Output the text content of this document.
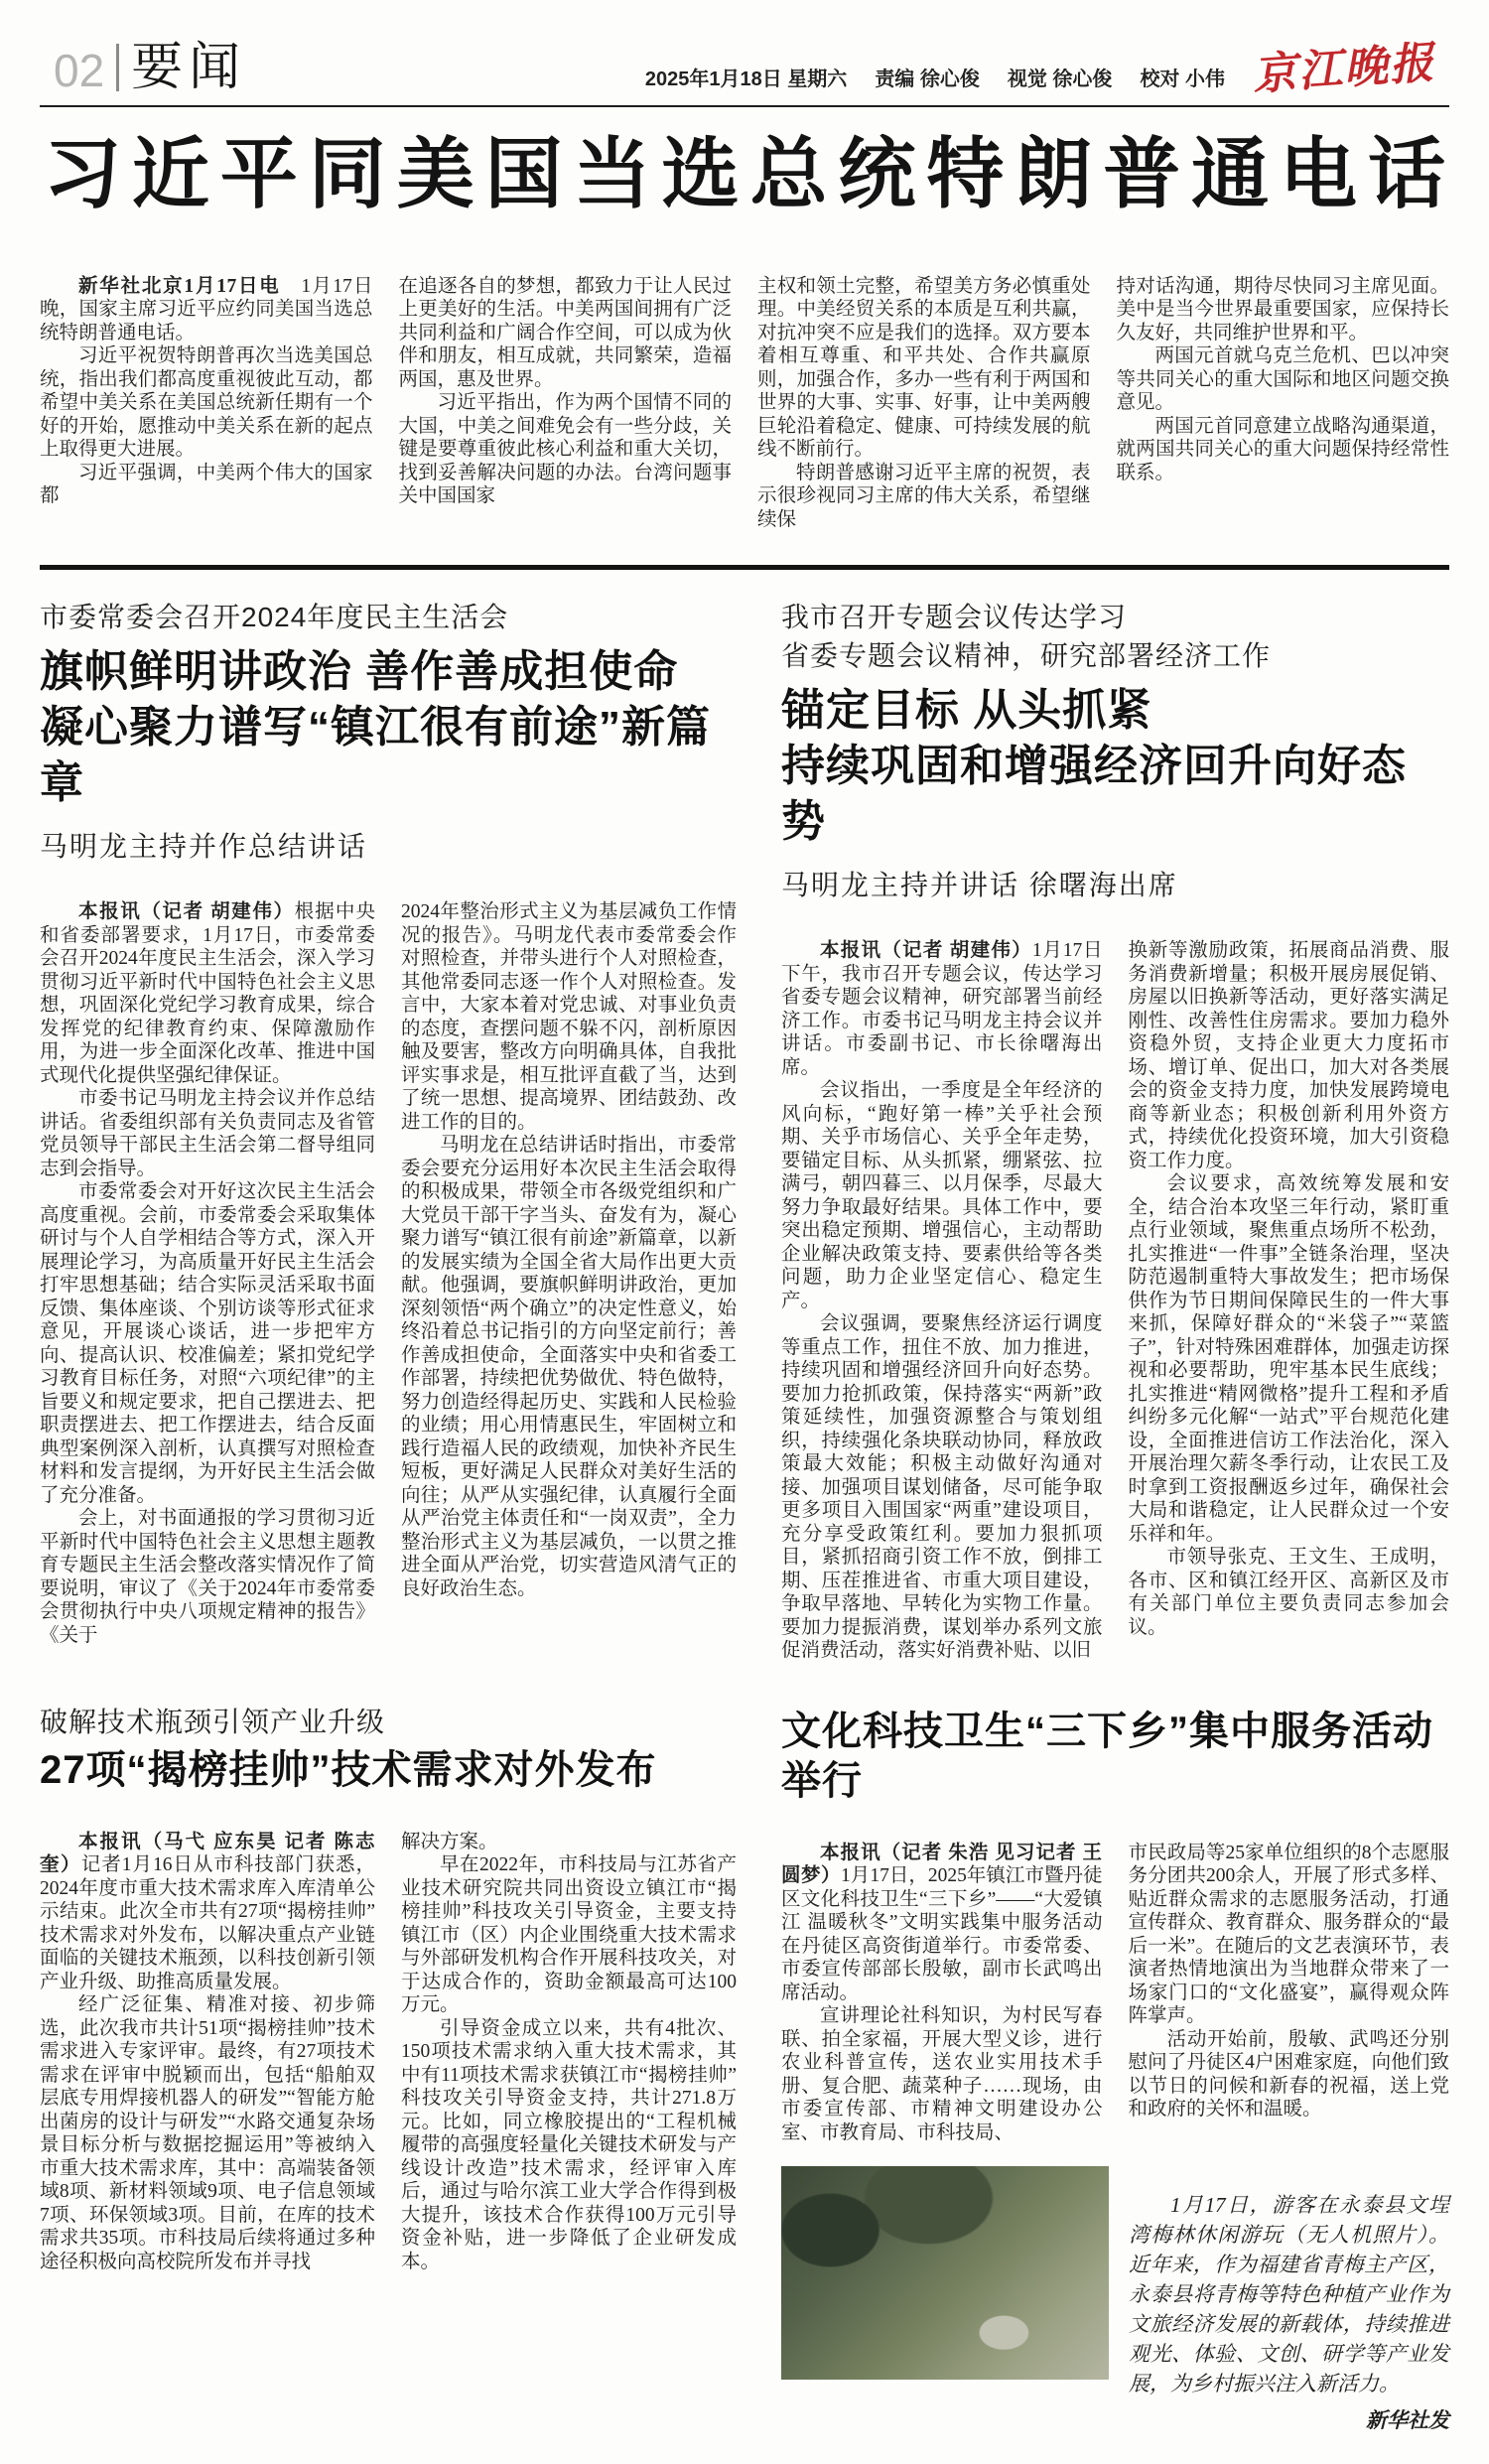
02 要闻	2025年1月18日 星期六 责编 徐心俊 视觉 徐心俊 校对 小伟 京江晚报
习近平同美国当选总统特朗普通电话

新华社北京1月17日电　1月17日晚，国家主席习近平应约同美国当选总统特朗普通电话。

习近平祝贺特朗普再次当选美国总统，指出我们都高度重视彼此互动，都希望中美关系在美国总统新任期有一个好的开始，愿推动中美关系在新的起点上取得更大进展。

习近平强调，中美两个伟大的国家都

在追逐各自的梦想，都致力于让人民过上更美好的生活。中美两国间拥有广泛共同利益和广阔合作空间，可以成为伙伴和朋友，相互成就，共同繁荣，造福两国，惠及世界。

习近平指出，作为两个国情不同的大国，中美之间难免会有一些分歧，关键是要尊重彼此核心利益和重大关切，找到妥善解决问题的办法。台湾问题事关中国国家

主权和领土完整，希望美方务必慎重处理。中美经贸关系的本质是互利共赢，对抗冲突不应是我们的选择。双方要本着相互尊重、和平共处、合作共赢原则，加强合作，多办一些有利于两国和世界的大事、实事、好事，让中美两艘巨轮沿着稳定、健康、可持续发展的航线不断前行。

特朗普感谢习近平主席的祝贺，表示很珍视同习主席的伟大关系，希望继续保

持对话沟通，期待尽快同习主席见面。美中是当今世界最重要国家，应保持长久友好，共同维护世界和平。

两国元首就乌克兰危机、巴以冲突等共同关心的重大国际和地区问题交换意见。

两国元首同意建立战略沟通渠道，就两国共同关心的重大问题保持经常性联系。

市委常委会召开2024年度民主生活会
旗帜鲜明讲政治 善作善成担使命
凝心聚力谱写“镇江很有前途”新篇章
马明龙主持并作总结讲话

本报讯（记者 胡建伟）根据中央和省委部署要求，1月17日，市委常委会召开2024年度民主生活会，深入学习贯彻习近平新时代中国特色社会主义思想，巩固深化党纪学习教育成果，综合发挥党的纪律教育约束、保障激励作用，为进一步全面深化改革、推进中国式现代化提供坚强纪律保证。

市委书记马明龙主持会议并作总结讲话。省委组织部有关负责同志及省管党员领导干部民主生活会第二督导组同志到会指导。

市委常委会对开好这次民主生活会高度重视。会前，市委常委会采取集体研讨与个人自学相结合等方式，深入开展理论学习，为高质量开好民主生活会打牢思想基础；结合实际灵活采取书面反馈、集体座谈、个别访谈等形式征求意见，开展谈心谈话，进一步把牢方向、提高认识、校准偏差；紧扣党纪学习教育目标任务，对照“六项纪律”的主旨要义和规定要求，把自己摆进去、把职责摆进去、把工作摆进去，结合反面典型案例深入剖析，认真撰写对照检查材料和发言提纲，为开好民主生活会做了充分准备。

会上，对书面通报的学习贯彻习近平新时代中国特色社会主义思想主题教育专题民主生活会整改落实情况作了简要说明，审议了《关于2024年市委常委会贯彻执行中央八项规定精神的报告》《关于

2024年整治形式主义为基层减负工作情况的报告》。马明龙代表市委常委会作对照检查，并带头进行个人对照检查，其他常委同志逐一作个人对照检查。发言中，大家本着对党忠诚、对事业负责的态度，查摆问题不躲不闪，剖析原因触及要害，整改方向明确具体，自我批评实事求是，相互批评直截了当，达到了统一思想、提高境界、团结鼓劲、改进工作的目的。

马明龙在总结讲话时指出，市委常委会要充分运用好本次民主生活会取得的积极成果，带领全市各级党组织和广大党员干部干字当头、奋发有为，凝心聚力谱写“镇江很有前途”新篇章，以新的发展实绩为全国全省大局作出更大贡献。他强调，要旗帜鲜明讲政治，更加深刻领悟“两个确立”的决定性意义，始终沿着总书记指引的方向坚定前行；善作善成担使命，全面落实中央和省委工作部署，持续把优势做优、特色做特，努力创造经得起历史、实践和人民检验的业绩；用心用情惠民生，牢固树立和践行造福人民的政绩观，加快补齐民生短板，更好满足人民群众对美好生活的向往；从严从实强纪律，认真履行全面从严治党主体责任和“一岗双责”，全力整治形式主义为基层减负，一以贯之推进全面从严治党，切实营造风清气正的良好政治生态。

我市召开专题会议传达学习
省委专题会议精神，研究部署经济工作
锚定目标 从头抓紧
持续巩固和增强经济回升向好态势
马明龙主持并讲话 徐曙海出席

本报讯（记者 胡建伟）1月17日下午，我市召开专题会议，传达学习省委专题会议精神，研究部署当前经济工作。市委书记马明龙主持会议并讲话。市委副书记、市长徐曙海出席。

会议指出，一季度是全年经济的风向标，“跑好第一棒”关乎社会预期、关乎市场信心、关乎全年走势，要锚定目标、从头抓紧，绷紧弦、拉满弓，朝四暮三、以月保季，尽最大努力争取最好结果。具体工作中，要突出稳定预期、增强信心，主动帮助企业解决政策支持、要素供给等各类问题，助力企业坚定信心、稳定生产。

会议强调，要聚焦经济运行调度等重点工作，扭住不放、加力推进，持续巩固和增强经济回升向好态势。要加力抢抓政策，保持落实“两新”政策延续性，加强资源整合与策划组织，持续强化条块联动协同，释放政策最大效能；积极主动做好沟通对接、加强项目谋划储备，尽可能争取更多项目入围国家“两重”建设项目，充分享受政策红利。要加力狠抓项目，紧抓招商引资工作不放，倒排工期、压茬推进省、市重大项目建设，争取早落地、早转化为实物工作量。要加力提振消费，谋划举办系列文旅促消费活动，落实好消费补贴、以旧

换新等激励政策，拓展商品消费、服务消费新增量；积极开展房展促销、房屋以旧换新等活动，更好落实满足刚性、改善性住房需求。要加力稳外资稳外贸，支持企业更大力度拓市场、增订单、促出口，加大对各类展会的资金支持力度，加快发展跨境电商等新业态；积极创新利用外资方式，持续优化投资环境，加大引资稳资工作力度。

会议要求，高效统筹发展和安全，结合治本攻坚三年行动，紧盯重点行业领域，聚焦重点场所不松劲，扎实推进“一件事”全链条治理，坚决防范遏制重特大事故发生；把市场保供作为节日期间保障民生的一件大事来抓，保障好群众的“米袋子”“菜篮子”，针对特殊困难群体，加强走访探视和必要帮助，兜牢基本民生底线；扎实推进“精网微格”提升工程和矛盾纠纷多元化解“一站式”平台规范化建设，全面推进信访工作法治化，深入开展治理欠薪冬季行动，让农民工及时拿到工资报酬返乡过年，确保社会大局和谐稳定，让人民群众过一个安乐祥和年。

市领导张克、王文生、王成明，各市、区和镇江经开区、高新区及市有关部门单位主要负责同志参加会议。

破解技术瓶颈引领产业升级
27项“揭榜挂帅”技术需求对外发布

本报讯（马弋 应东昊 记者 陈志奎）记者1月16日从市科技部门获悉，2024年度市重大技术需求库入库清单公示结束。此次全市共有27项“揭榜挂帅”技术需求对外发布，以解决重点产业链面临的关键技术瓶颈，以科技创新引领产业升级、助推高质量发展。

经广泛征集、精准对接、初步筛选，此次我市共计51项“揭榜挂帅”技术需求进入专家评审。最终，有27项技术需求在评审中脱颖而出，包括“船舶双层底专用焊接机器人的研发”“智能方舱出菌房的设计与研发”“水路交通复杂场景目标分析与数据挖掘运用”等被纳入市重大技术需求库，其中：高端装备领域8项、新材料领域9项、电子信息领域7项、环保领域3项。目前，在库的技术需求共35项。市科技局后续将通过多种途径积极向高校院所发布并寻找

解决方案。

早在2022年，市科技局与江苏省产业技术研究院共同出资设立镇江市“揭榜挂帅”科技攻关引导资金，主要支持镇江市（区）内企业围绕重大技术需求与外部研发机构合作开展科技攻关，对于达成合作的，资助金额最高可达100万元。

引导资金成立以来，共有4批次、150项技术需求纳入重大技术需求，其中有11项技术需求获镇江市“揭榜挂帅”科技攻关引导资金支持，共计271.8万元。比如，同立橡胶提出的“工程机械履带的高强度轻量化关键技术研发与产线设计改造”技术需求，经评审入库后，通过与哈尔滨工业大学合作得到极大提升，该技术合作获得100万元引导资金补贴，进一步降低了企业研发成本。

文化科技卫生“三下乡”集中服务活动举行

本报讯（记者 朱浩 见习记者 王圆梦）1月17日，2025年镇江市暨丹徒区文化科技卫生“三下乡”——“大爱镇江 温暖秋冬”文明实践集中服务活动在丹徒区高资街道举行。市委常委、市委宣传部部长殷敏，副市长武鸣出席活动。

宣讲理论社科知识，为村民写春联、拍全家福，开展大型义诊，进行农业科普宣传，送农业实用技术手册、复合肥、蔬菜种子……现场，由市委宣传部、市精神文明建设办公室、市教育局、市科技局、

市民政局等25家单位组织的8个志愿服务分团共200余人，开展了形式多样、贴近群众需求的志愿服务活动，打通宣传群众、教育群众、服务群众的“最后一米”。在随后的文艺表演环节，表演者热情地演出为当地群众带来了一场家门口的“文化盛宴”，赢得观众阵阵掌声。

活动开始前，殷敏、武鸣还分别慰问了丹徒区4户困难家庭，向他们致以节日的问候和新春的祝福，送上党和政府的关怀和温暖。

1月17日，游客在永泰县文埕湾梅林休闲游玩（无人机照片）。近年来，作为福建省青梅主产区，永泰县将青梅等特色种植产业作为文旅经济发展的新载体，持续推进观光、体验、文创、研学等产业发展，为乡村振兴注入新活力。

新华社发
